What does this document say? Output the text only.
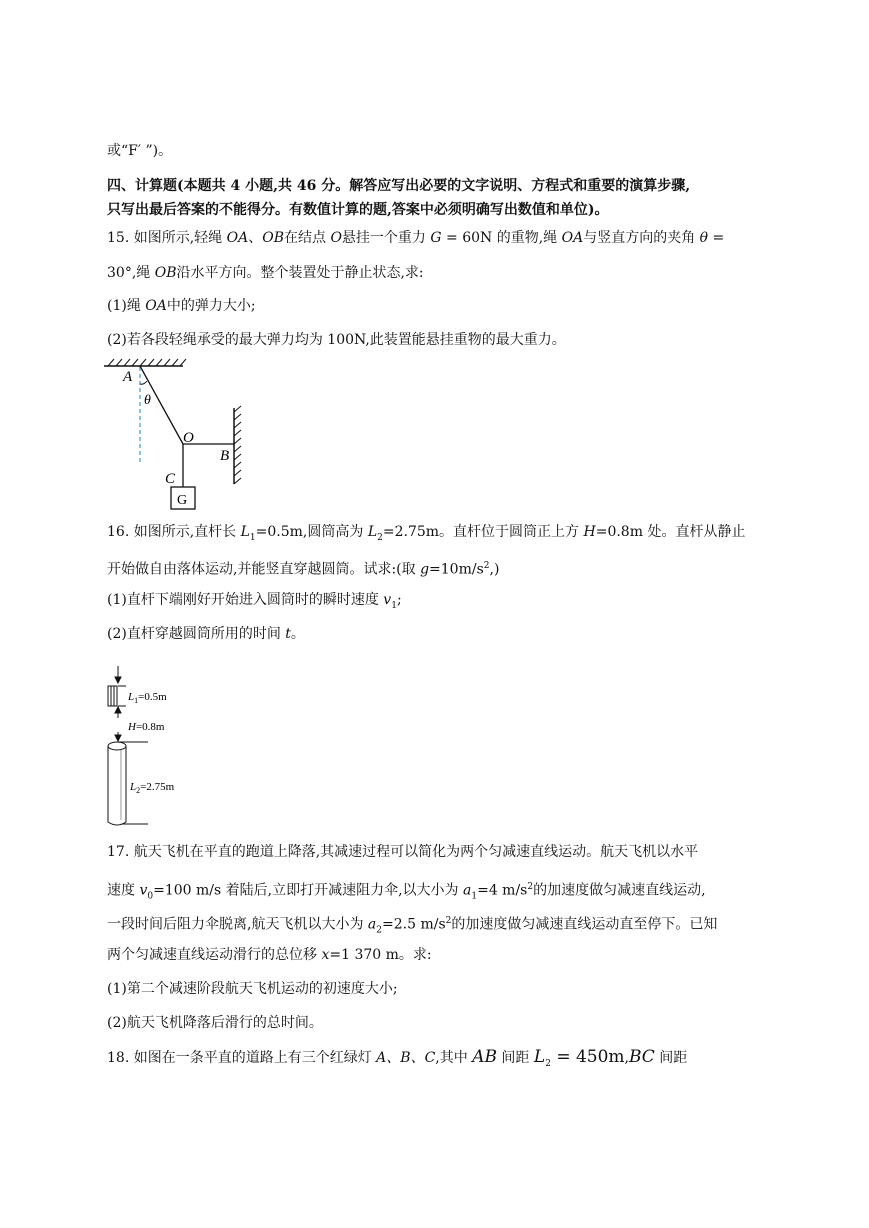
或“F′ ”)。
四、计算题(本题共 4 小题,共 46 分。解答应写出必要的文字说明、方程式和重要的演算步骤,
只写出最后答案的不能得分。有数值计算的题,答案中必须明确写出数值和单位)。
15. 如图所示,轻绳 OA、OB在结点 O悬挂一个重力 G = 60N 的重物,绳 OA与竖直方向的夹角 θ =
30°,绳 OB沿水平方向。整个装置处于静止状态,求:
(1)绳 OA中的弹力大小;
(2)若各段轻绳承受的最大弹力均为 100N,此装置能悬挂重物的最大重力。
A
θ
O
B
C
G
16. 如图所示,直杆长 $L_1=0.5m$,圆筒高为 $L_2=2.75m$。直杆位于圆筒正上方 H=0.8m 处。直杆从静止
开始做自由落体运动,并能竖直穿越圆筒。试求:(取 $g=10m/s^2$,)
(1)直杆下端刚好开始进入圆筒时的瞬时速度 $v_1$;
(2)直杆穿越圆筒所用的时间 t。
$L_1=0.5m$
H=0.8m
$L_2=2.75m$
17. 航天飞机在平直的跑道上降落,其减速过程可以简化为两个匀减速直线运动。航天飞机以水平
速度 $v_0=100$ m/s 着陆后,立即打开减速阻力伞,以大小为 $a_1=4$ $m/s^2$的加速度做匀减速直线运动,
一段时间后阻力伞脱离,航天飞机以大小为 $a_2=2.5$ $m/s^2$的加速度做匀减速直线运动直至停下。已知
两个匀减速直线运动滑行的总位移 x=1 370 m。求:
(1)第二个减速阶段航天飞机运动的初速度大小;
(2)航天飞机降落后滑行的总时间。
18. 如图在一条平直的道路上有三个红绿灯 A、B、C,其中 AB 间距 $L_2 = 450m,BC$ 间距
